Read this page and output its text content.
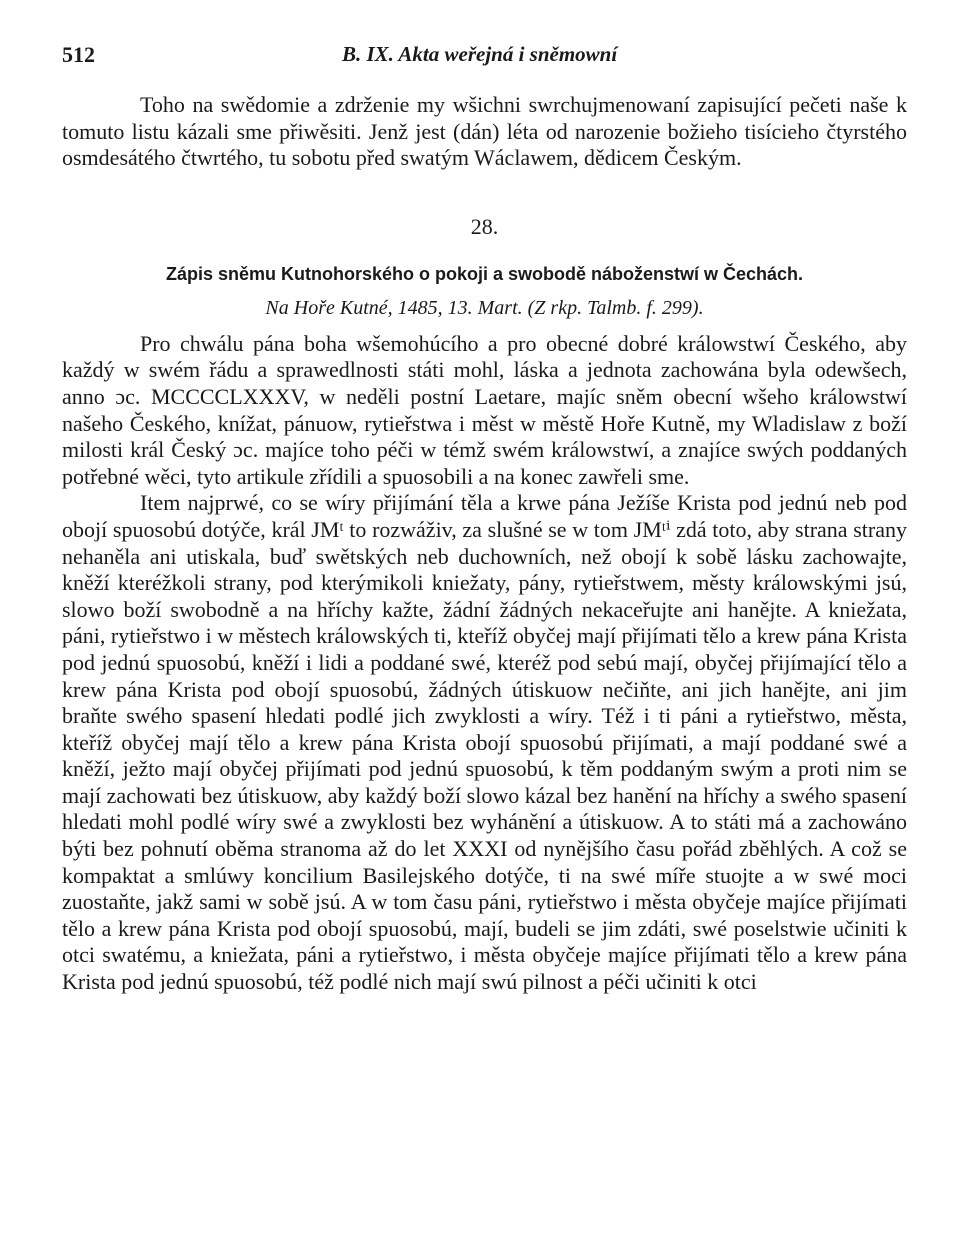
512	B. IX. Akta weřejná i sněmowní

Toho na swědomie a zdrženie my wšichni swrchujmenowaní zapisující pečeti naše k tomuto listu kázali sme přiwěsiti. Jenž jest (dán) léta od narozenie božieho tisícieho čtyrstého osmdesátého čtwrtého, tu sobotu před swatým Wáclawem, dědicem Českým.

28.
Zápis sněmu Kutnohorského o pokoji a swobodě náboženstwí w Čechách.
Na Hoře Kutné, 1485, 13. Mart. (Z rkp. Talmb. f. 299).

Pro chwálu pána boha wšemohúcího a pro obecné dobré králowstwí Českého, aby každý w swém řádu a sprawedlnosti státi mohl, láska a jednota zachowána byla odewšech, anno ɔc. MCCCCLXXXV, w neděli postní Laetare, majíc sněm obecní wšeho králowstwí našeho Českého, knížat, pánuow, rytieřstwa i měst w městě Hoře Kutně, my Wladislaw z boží milosti král Český ɔc. majíce toho péči w témž swém králowstwí, a znajíce swých poddaných potřebné wěci, tyto artikule zřídili a spuosobili a na konec zawřeli sme.

Item najprwé, co se wíry přijímání těla a krwe pána Ježíše Krista pod jednú neb pod obojí spuosobú dotýče, král JMᵗ to rozwáživ, za slušné se w tom JMᵗⁱ zdá toto, aby strana strany nehaněla ani utiskala, buď swětských neb duchowních, než obojí k sobě lásku zachowajte, kněží kteréžkoli strany, pod kterýmikoli kniežaty, pány, rytieřstwem, městy králowskými jsú, slowo boží swobodně a na hříchy kažte, žádní žádných nekaceřujte ani hanějte. A kniežata, páni, rytieřstwo i w městech králowských ti, kteříž obyčej mají přijímati tělo a krew pána Krista pod jednú spuosobú, kněží i lidi a poddané swé, kteréž pod sebú mají, obyčej přijímající tělo a krew pána Krista pod obojí spuosobú, žádných útiskuow nečiňte, ani jich hanějte, ani jim braňte swého spasení hledati podlé jich zwyklosti a wíry. Též i ti páni a rytieřstwo, města, kteříž obyčej mají tělo a krew pána Krista obojí spuosobú přijímati, a mají poddané swé a kněží, ježto mají obyčej přijímati pod jednú spuosobú, k těm poddaným swým a proti nim se mají zachowati bez útiskuow, aby každý boží slowo kázal bez hanění na hříchy a swého spasení hledati mohl podlé wíry swé a zwyklosti bez wyhánění a útiskuow. A to státi má a zachowáno býti bez pohnutí oběma stranoma až do let XXXI od nynějšího času pořád zběhlých. A což se kompaktat a smlúwy koncilium Basilejského dotýče, ti na swé míře stuojte a w swé moci zuostaňte, jakž sami w sobě jsú. A w tom času páni, rytieřstwo i města obyčeje majíce přijímati tělo a krew pána Krista pod obojí spuosobú, mají, budeli se jim zdáti, swé poselstwie učiniti k otci swatému, a kniežata, páni a rytieřstwo, i města obyčeje majíce přijímati tělo a krew pána Krista pod jednú spuosobú, též podlé nich mají swú pilnost a péči učiniti k otci
